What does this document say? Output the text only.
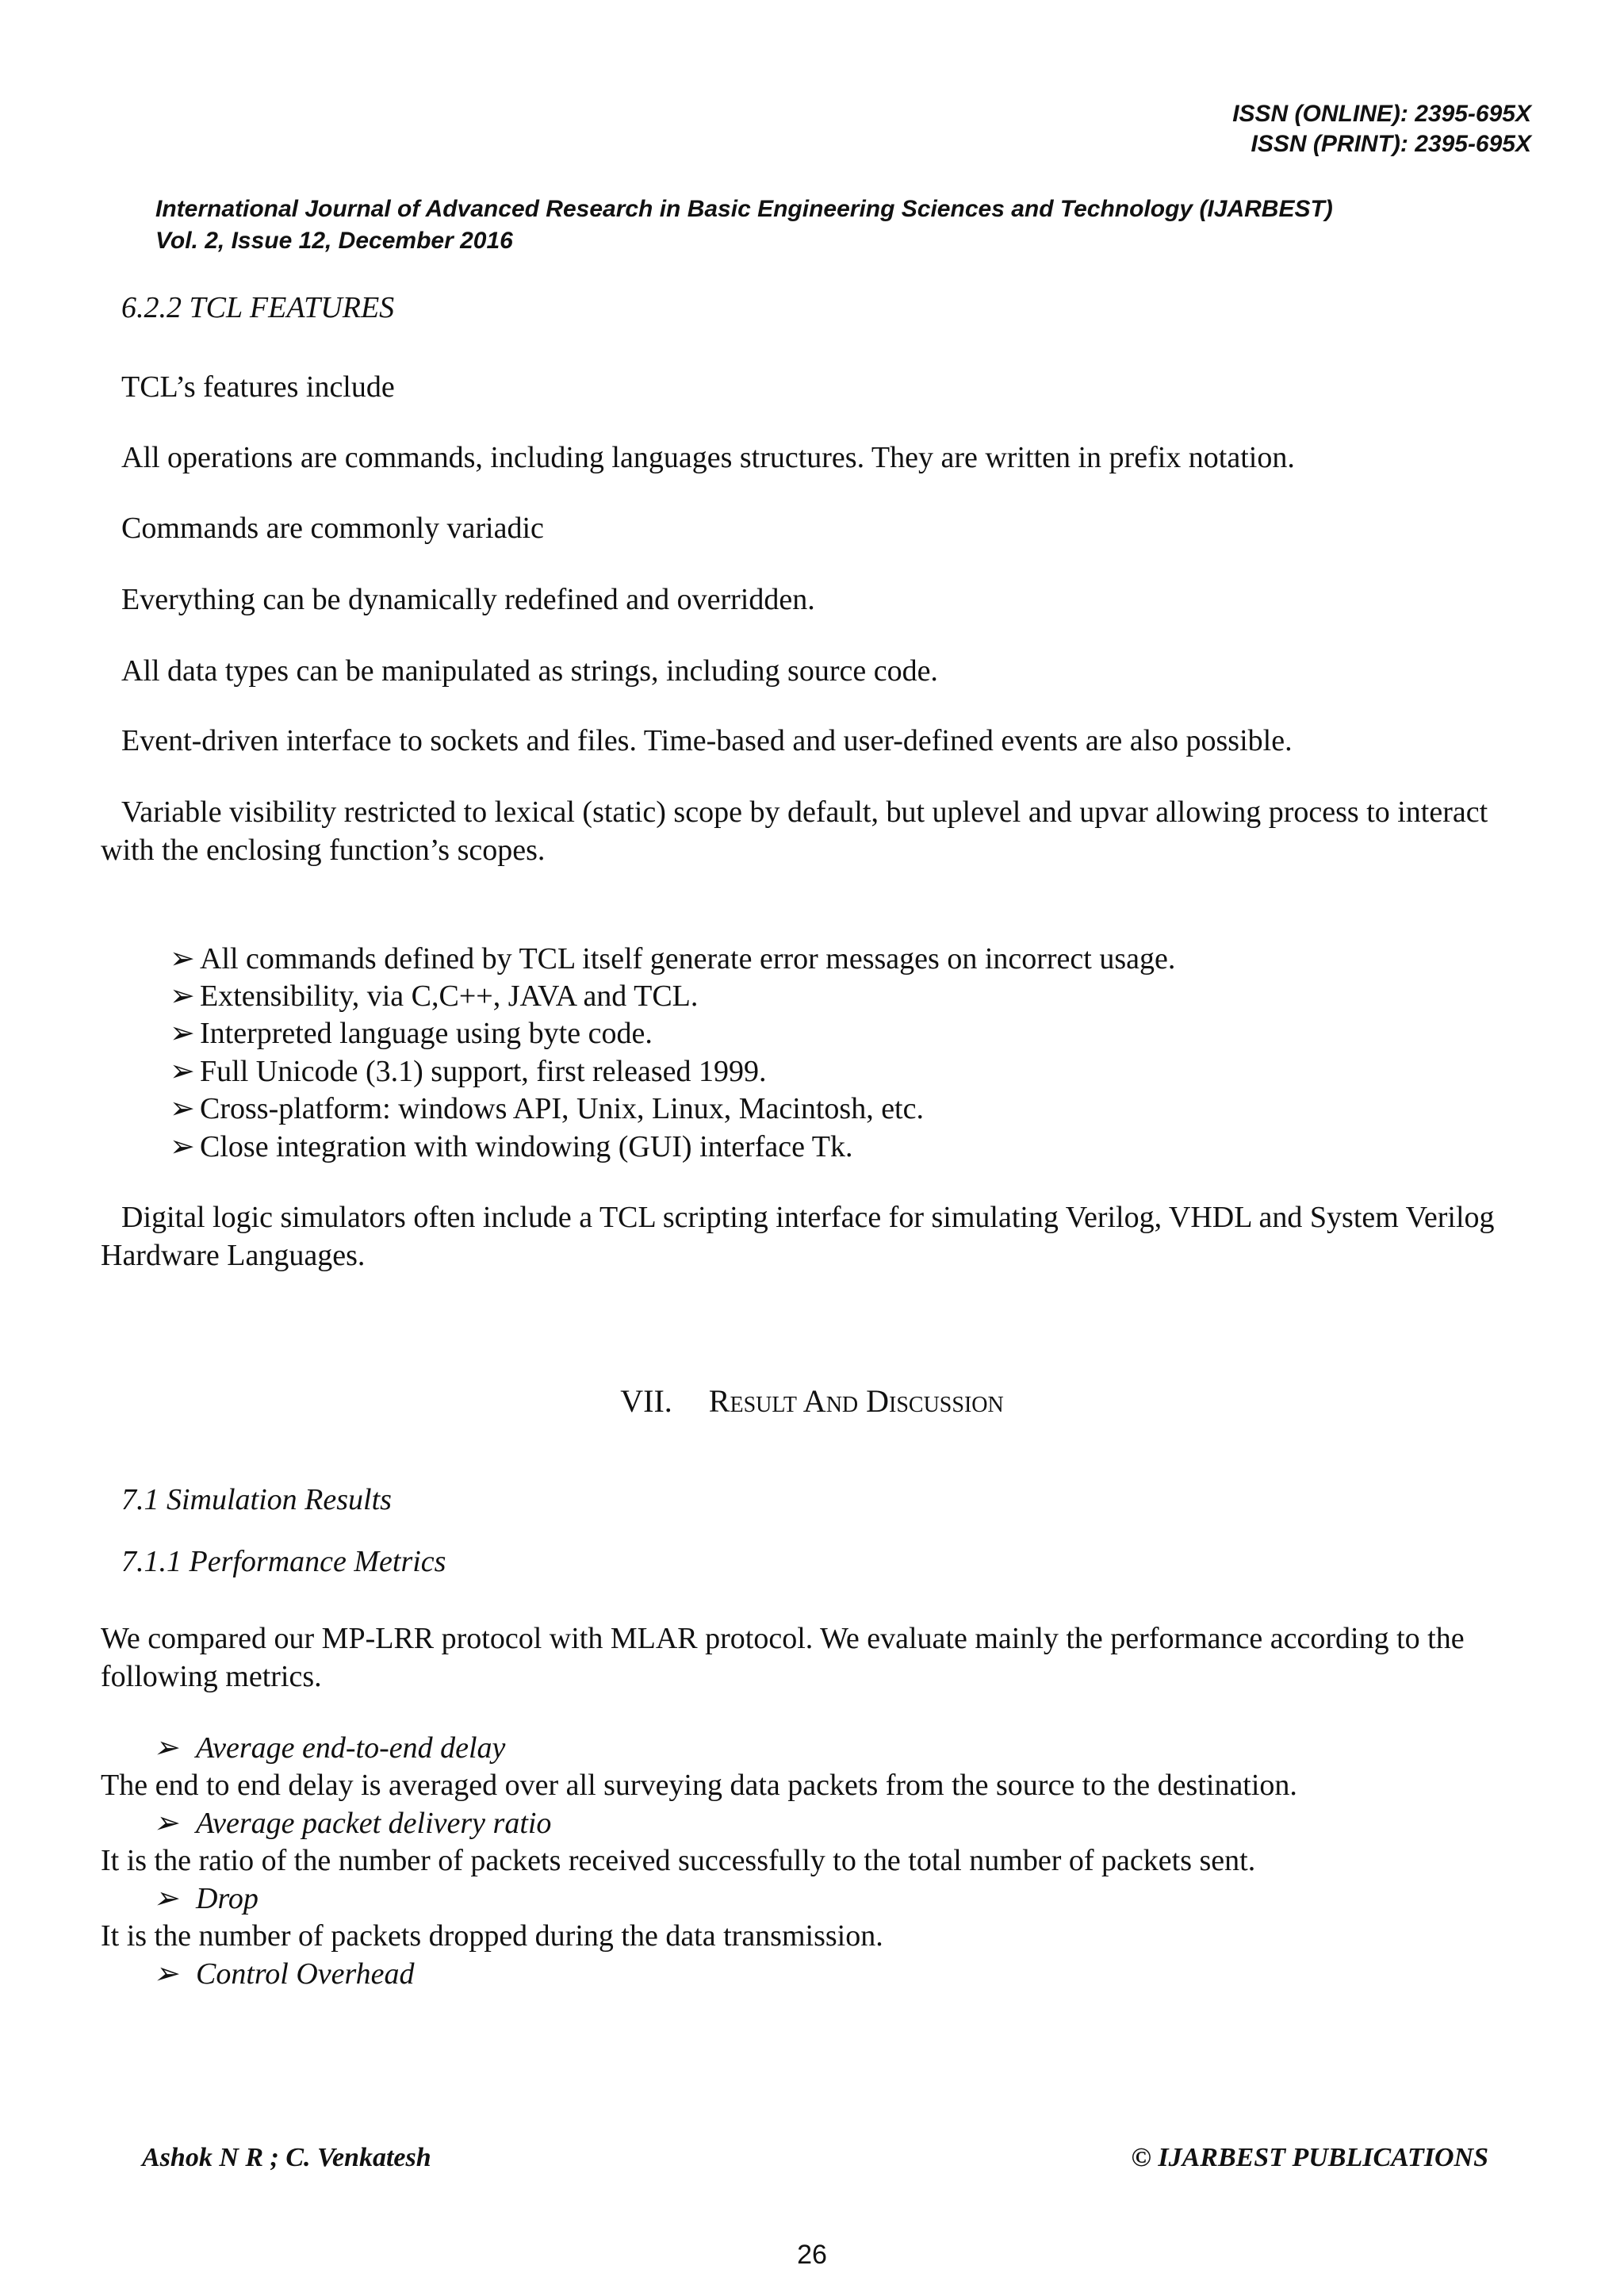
ISSN (ONLINE): 2395-695X
ISSN (PRINT): 2395-695X
International Journal of Advanced Research in Basic Engineering Sciences and Technology (IJARBEST)
Vol. 2, Issue 12, December 2016
6.2.2 TCL FEATURES
TCL’s features include
All operations are commands, including languages structures. They are written in prefix notation.
Commands are commonly variadic
Everything can be dynamically redefined and overridden.
All data types can be manipulated as strings, including source code.
Event-driven interface to sockets and files. Time-based and user-defined events are also possible.

Variable visibility restricted to lexical (static) scope by default, but uplevel and upvar allowing process to interact with the enclosing function’s scopes.

➢ All commands defined by TCL itself generate error messages on incorrect usage.
➢ Extensibility, via C,C++, JAVA and TCL.
➢ Interpreted language using byte code.
➢ Full Unicode (3.1) support, first released 1999.
➢ Cross-platform: windows API, Unix, Linux, Macintosh, etc.
➢ Close integration with windowing (GUI) interface Tk.

Digital logic simulators often include a TCL scripting interface for simulating Verilog, VHDL and System Verilog Hardware Languages.

VII. Result And Discussion
7.1 Simulation Results
7.1.1 Performance Metrics

We compared our MP-LRR protocol with MLAR protocol. We evaluate mainly the performance according to the following metrics.

➢ Average end-to-end delay
The end to end delay is averaged over all surveying data packets from the source to the destination.
➢ Average packet delivery ratio
It is the ratio of the number of packets received successfully to the total number of packets sent.
➢ Drop
It is the number of packets dropped during the data transmission.
➢ Control Overhead
Ashok N R ; C. Venkatesh	© IJARBEST PUBLICATIONS
26
